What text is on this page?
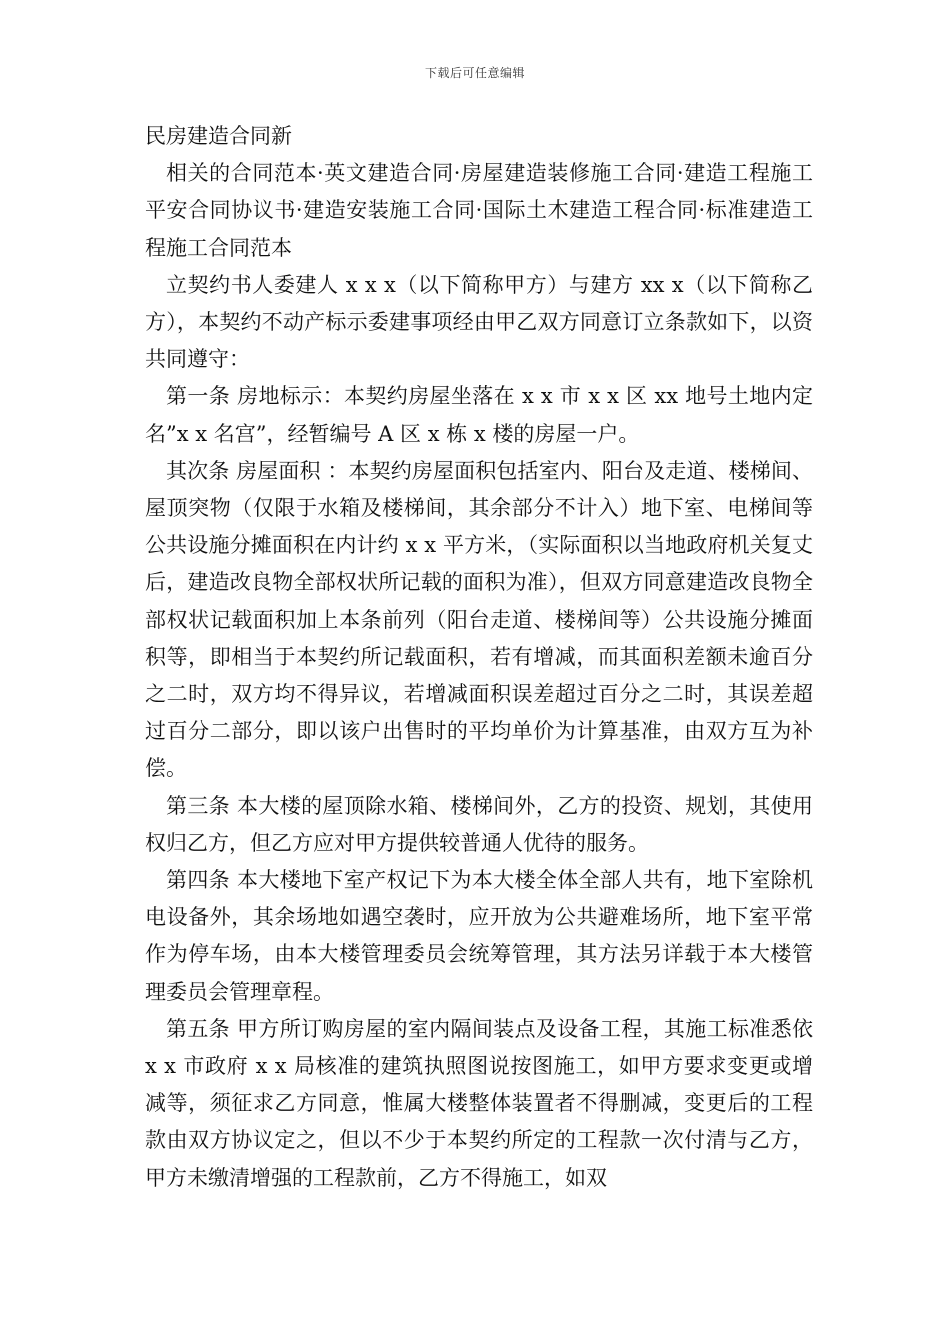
下载后可任意编辑

民房建造合同新

相关的合同范本·英文建造合同·房屋建造装修施工合同·建造工程施工平安合同协议书·建造安装施工合同·国际土木建造工程合同·标准建造工程施工合同范本

立契约书人委建人 x x x（以下简称甲方）与建方 xx x（以下简称乙方），本契约不动产标示委建事项经由甲乙双方同意订立条款如下，以资共同遵守：

第一条 房地标示：本契约房屋坐落在 x x 市 x x 区 xx 地号土地内定名”x x 名宫”，经暂编号 A 区 x 栋 x 楼的房屋一户。

其次条 房屋面积 ：本契约房屋面积包括室内、阳台及走道、楼梯间、屋顶突物（仅限于水箱及楼梯间，其余部分不计入）地下室、电梯间等公共设施分摊面积在内计约 x x 平方米，（实际面积以当地政府机关复丈后，建造改良物全部权状所记载的面积为准），但双方同意建造改良物全部权状记载面积加上本条前列（阳台走道、楼梯间等）公共设施分摊面积等，即相当于本契约所记载面积，若有增减，而其面积差额未逾百分之二时，双方均不得异议，若增减面积误差超过百分之二时，其误差超过百分二部分，即以该户出售时的平均单价为计算基准，由双方互为补偿。

第三条 本大楼的屋顶除水箱、楼梯间外，乙方的投资、规划，其使用权归乙方，但乙方应对甲方提供较普通人优待的服务。

第四条 本大楼地下室产权记下为本大楼全体全部人共有，地下室除机电设备外，其余场地如遇空袭时，应开放为公共避难场所，地下室平常作为停车场，由本大楼管理委员会统筹管理，其方法另详载于本大楼管理委员会管理章程。

第五条 甲方所订购房屋的室内隔间装点及设备工程，其施工标准悉依 x x 市政府 x x 局核准的建筑执照图说按图施工，如甲方要求变更或增减等，须征求乙方同意，惟属大楼整体装置者不得删减，变更后的工程款由双方协议定之，但以不少于本契约所定的工程款一次付清与乙方，甲方未缴清增强的工程款前，乙方不得施工，如双
